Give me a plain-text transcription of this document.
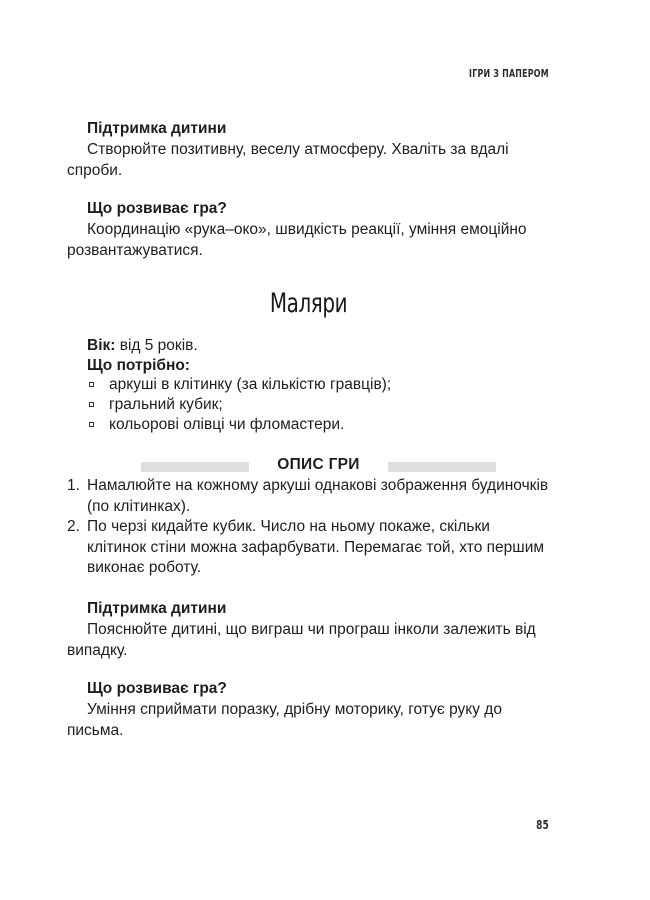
ІГРИ З ПАПЕРОМ

Підтримка дитини

Створюйте позитивну, веселу атмосферу. Хваліть за вдалі спроби.

Що розвиває гра?

Координацію «рука–око», швидкість реакції, уміння емоційно розвантажуватися.

Маляри

Вік: від 5 років.

Що потрібно:

аркуші в клітинку (за кількістю гравців);
гральний кубик;
кольорові олівці чи фломастери.
ОПИС ГРИ
1. Намалюйте на кожному аркуші однакові зображення будиночків (по клітинках).
2. По черзі кидайте кубик. Число на ньому покаже, скільки клітинок стіни можна зафарбувати. Перемагає той, хто першим виконає роботу.

Підтримка дитини

Пояснюйте дитині, що виграш чи програш інколи залежить від випадку.

Що розвиває гра?

Уміння сприймати поразку, дрібну моторику, готує руку до письма.

85
